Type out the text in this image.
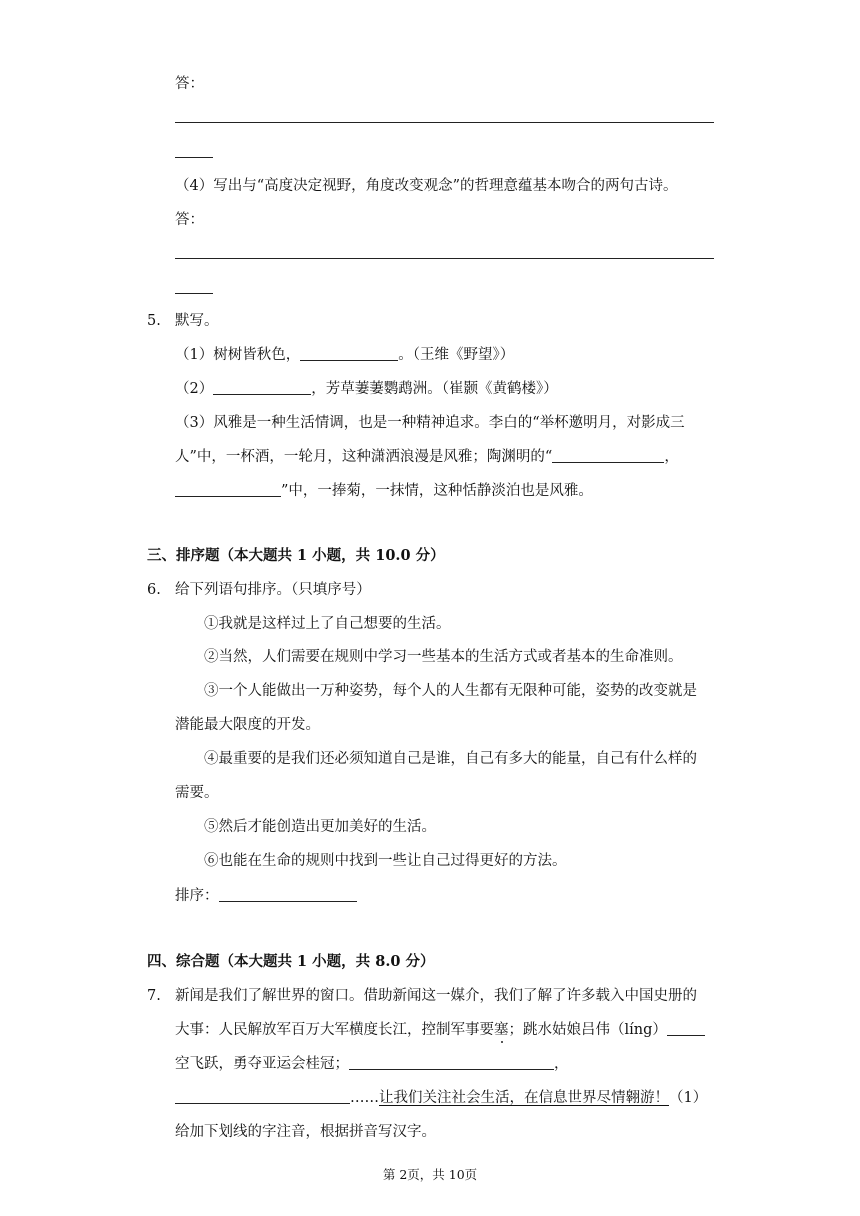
答：
（4）写出与“高度决定视野，角度改变观念”的哲理意蕴基本吻合的两句古诗。
答：
5. 默写。
（1）树树皆秋色，	。（王维《野望》）
（2）	，芳草萋萋鹦鹉洲。（崔颢《黄鹤楼》）
（3）风雅是一种生活情调，也是一种精神追求。李白的“举杯邀明月，对影成三
人”中，一杯酒，一轮月，这种潇洒浪漫是风雅；陶渊明的“	，
”中，一捧菊，一抹情，这种恬静淡泊也是风雅。
三、排序题（本大题共 1 小题，共 10.0 分）
6. 给下列语句排序。（只填序号）
①我就是这样过上了自己想要的生活。
②当然，人们需要在规则中学习一些基本的生活方式或者基本的生命准则。
③一个人能做出一万种姿势，每个人的人生都有无限种可能，姿势的改变就是
潜能最大限度的开发。
④最重要的是我们还必须知道自己是谁，自己有多大的能量，自己有什么样的
需要。
⑤然后才能创造出更加美好的生活。
⑥也能在生命的规则中找到一些让自己过得更好的方法。
排序：
四、综合题（本大题共 1 小题，共 8.0 分）
7. 新闻是我们了解世界的窗口。借助新闻这一媒介，我们了解了许多载入中国史册的
大事：人民解放军百万大军横度长江，控制军事要塞；跳水姑娘吕伟（líng）
空飞跃，勇夺亚运会桂冠；	，
……让我们关注社会生活，在信息世界尽情翱游！（1）
给加下划线的字注音，根据拼音写汉字。
第 2页，共 10页
